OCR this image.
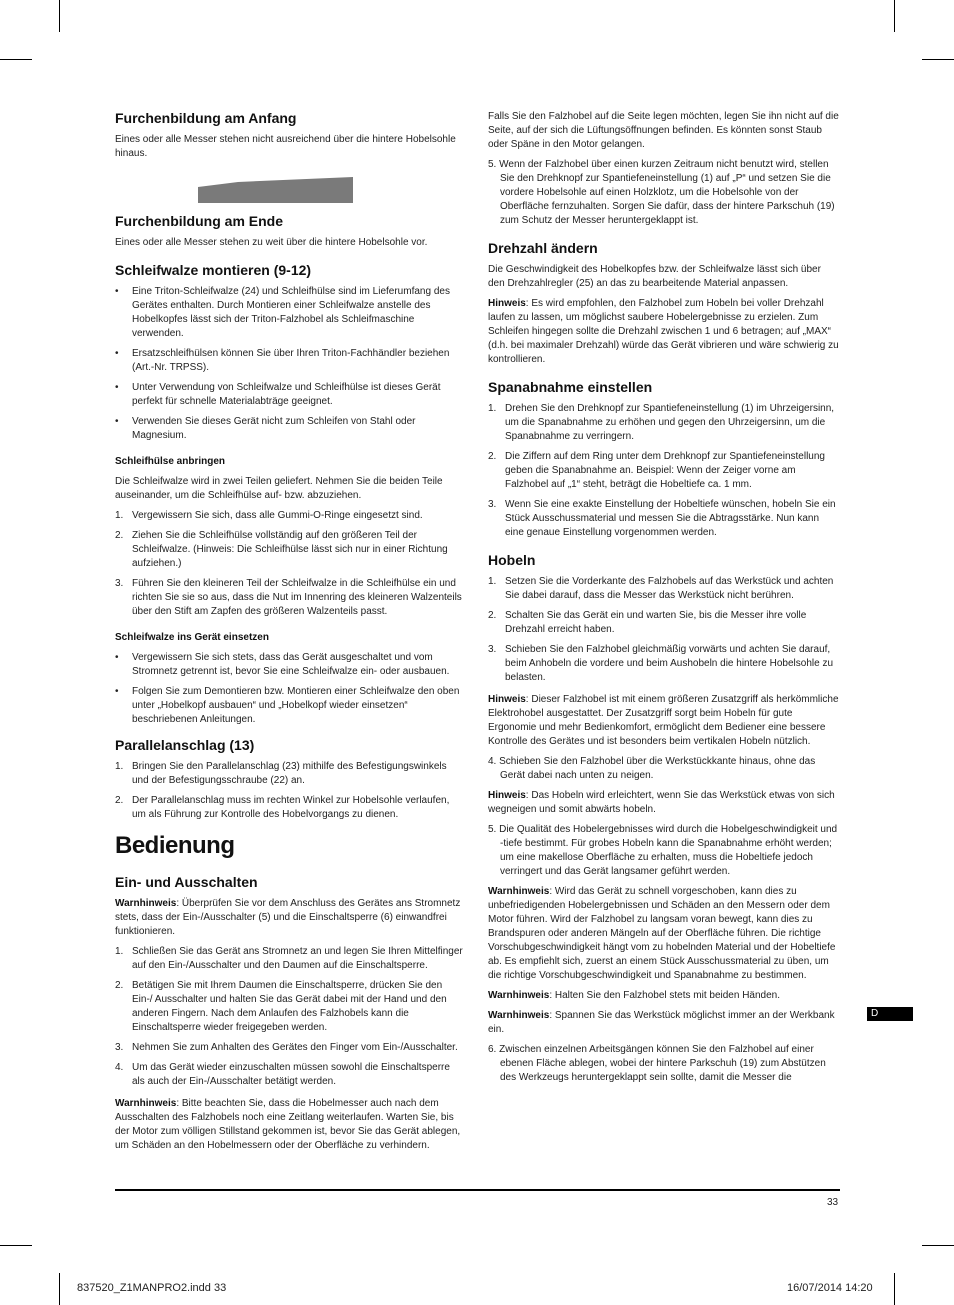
Furchenbildung am Anfang

Eines oder alle Messer stehen nicht ausreichend über die hintere Hobelsohle hinaus.

Furchenbildung am Ende

Eines oder alle Messer stehen zu weit über die hintere Hobelsohle vor.

Schleifwalze montieren (9-12)
• Eine Triton-Schleifwalze (24) und Schleifhülse sind im Lieferumfang des Gerätes enthalten. Durch Montieren einer Schleifwalze anstelle des Hobelkopfes lässt sich der Triton-Falzhobel als Schleifmaschine verwenden.
• Ersatzschleifhülsen können Sie über Ihren Triton-Fachhändler beziehen (Art.-Nr. TRPSS).
• Unter Verwendung von Schleifwalze und Schleifhülse ist dieses Gerät perfekt für schnelle Materialabträge geeignet.
• Verwenden Sie dieses Gerät nicht zum Schleifen von Stahl oder Magnesium.
Schleifhülse anbringen

Die Schleifwalze wird in zwei Teilen geliefert. Nehmen Sie die beiden Teile auseinander, um die Schleifhülse auf- bzw. abzuziehen.

1. Vergewissern Sie sich, dass alle Gummi-O-Ringe eingesetzt sind.
2. Ziehen Sie die Schleifhülse vollständig auf den größeren Teil der Schleifwalze. (Hinweis: Die Schleifhülse lässt sich nur in einer Richtung aufziehen.)
3. Führen Sie den kleineren Teil der Schleifwalze in die Schleifhülse ein und richten Sie sie so aus, dass die Nut im Innenring des kleineren Walzenteils über den Stift am Zapfen des größeren Walzenteils passt.
Schleifwalze ins Gerät einsetzen
• Vergewissern Sie sich stets, dass das Gerät ausgeschaltet und vom Stromnetz getrennt ist, bevor Sie eine Schleifwalze ein- oder ausbauen.
• Folgen Sie zum Demontieren bzw. Montieren einer Schleifwalze den oben unter „Hobelkopf ausbauen“ und „Hobelkopf wieder einsetzen“ beschriebenen Anleitungen.
Parallelanschlag (13)
1. Bringen Sie den Parallelanschlag (23) mithilfe des Befestigungswinkels und der Befestigungsschraube (22) an.
2. Der Parallelanschlag muss im rechten Winkel zur Hobelsohle verlaufen, um als Führung zur Kontrolle des Hobelvorgangs zu dienen.
Bedienung
Ein- und Ausschalten

Warnhinweis: Überprüfen Sie vor dem Anschluss des Gerätes ans Stromnetz stets, dass der Ein-/Ausschalter (5) und die Einschaltsperre (6) einwandfrei funktionieren.

1. Schließen Sie das Gerät ans Stromnetz an und legen Sie Ihren Mittelfinger auf den Ein-/Ausschalter und den Daumen auf die Einschaltsperre.
2. Betätigen Sie mit Ihrem Daumen die Einschaltsperre, drücken Sie den Ein-/ Ausschalter und halten Sie das Gerät dabei mit der Hand und den anderen Fingern. Nach dem Anlaufen des Falzhobels kann die Einschaltsperre wieder freigegeben werden.
3. Nehmen Sie zum Anhalten des Gerätes den Finger vom Ein-/Ausschalter.
4. Um das Gerät wieder einzuschalten müssen sowohl die Einschaltsperre als auch der Ein-/Ausschalter betätigt werden.

Warnhinweis: Bitte beachten Sie, dass die Hobelmesser auch nach dem Ausschalten des Falzhobels noch eine Zeitlang weiterlaufen. Warten Sie, bis der Motor zum völligen Stillstand gekommen ist, bevor Sie das Gerät ablegen, um Schäden an den Hobelmessern oder der Oberfläche zu verhindern.

Falls Sie den Falzhobel auf die Seite legen möchten, legen Sie ihn nicht auf die Seite, auf der sich die Lüftungsöffnungen befinden. Es könnten sonst Staub oder Späne in den Motor gelangen.

5. Wenn der Falzhobel über einen kurzen Zeitraum nicht benutzt wird, stellen Sie den Drehknopf zur Spantiefeneinstellung (1) auf „P“ und setzen Sie die vordere Hobelsohle auf einen Holzklotz, um die Hobelsohle von der Oberfläche fernzuhalten. Sorgen Sie dafür, dass der hintere Parkschuh (19) zum Schutz der Messer heruntergeklappt ist.

Drehzahl ändern

Die Geschwindigkeit des Hobelkopfes bzw. der Schleifwalze lässt sich über den Drehzahlregler (25) an das zu bearbeitende Material anpassen.

Hinweis: Es wird empfohlen, den Falzhobel zum Hobeln bei voller Drehzahl laufen zu lassen, um möglichst saubere Hobelergebnisse zu erzielen. Zum Schleifen hingegen sollte die Drehzahl zwischen 1 und 6 betragen; auf „MAX“ (d.h. bei maximaler Drehzahl) würde das Gerät vibrieren und wäre schwierig zu kontrollieren.

Spanabnahme einstellen
1. Drehen Sie den Drehknopf zur Spantiefeneinstellung (1) im Uhrzeigersinn, um die Spanabnahme zu erhöhen und gegen den Uhrzeigersinn, um die Spanabnahme zu verringern.
2. Die Ziffern auf dem Ring unter dem Drehknopf zur Spantiefeneinstellung geben die Spanabnahme an. Beispiel: Wenn der Zeiger vorne am Falzhobel auf „1“ steht, beträgt die Hobeltiefe ca. 1 mm.
3. Wenn Sie eine exakte Einstellung der Hobeltiefe wünschen, hobeln Sie ein Stück Ausschussmaterial und messen Sie die Abtragsstärke. Nun kann eine genaue Einstellung vorgenommen werden.
Hobeln
1. Setzen Sie die Vorderkante des Falzhobels auf das Werkstück und achten Sie dabei darauf, dass die Messer das Werkstück nicht berühren.
2. Schalten Sie das Gerät ein und warten Sie, bis die Messer ihre volle Drehzahl erreicht haben.
3. Schieben Sie den Falzhobel gleichmäßig vorwärts und achten Sie darauf, beim Anhobeln die vordere und beim Aushobeln die hintere Hobelsohle zu belasten.

Hinweis: Dieser Falzhobel ist mit einem größeren Zusatzgriff als herkömmliche Elektrohobel ausgestattet. Der Zusatzgriff sorgt beim Hobeln für gute Ergonomie und mehr Bedienkomfort, ermöglicht dem Bediener eine bessere Kontrolle des Gerätes und ist besonders beim vertikalen Hobeln nützlich.

4. Schieben Sie den Falzhobel über die Werkstückkante hinaus, ohne das Gerät dabei nach unten zu neigen.

Hinweis: Das Hobeln wird erleichtert, wenn Sie das Werkstück etwas von sich wegneigen und somit abwärts hobeln.

5. Die Qualität des Hobelergebnisses wird durch die Hobelgeschwindigkeit und -tiefe bestimmt. Für grobes Hobeln kann die Spanabnahme erhöht werden; um eine makellose Oberfläche zu erhalten, muss die Hobeltiefe jedoch verringert und das Gerät langsamer geführt werden.

Warnhinweis: Wird das Gerät zu schnell vorgeschoben, kann dies zu unbefriedigenden Hobelergebnissen und Schäden an den Messern oder dem Motor führen. Wird der Falzhobel zu langsam voran bewegt, kann dies zu Brandspuren oder anderen Mängeln auf der Oberfläche führen. Die richtige Vorschubgeschwindigkeit hängt vom zu hobelnden Material und der Hobeltiefe ab. Es empfiehlt sich, zuerst an einem Stück Ausschussmaterial zu üben, um die richtige Vorschubgeschwindigkeit und Spanabnahme zu bestimmen.

Warnhinweis: Halten Sie den Falzhobel stets mit beiden Händen.

Warnhinweis: Spannen Sie das Werkstück möglichst immer an der Werkbank ein.

6. Zwischen einzelnen Arbeitsgängen können Sie den Falzhobel auf einer ebenen Fläche ablegen, wobei der hintere Parkschuh (19) zum Abstützen des Werkzeugs heruntergeklappt sein sollte, damit die Messer die

D
33
837520_Z1MANPRO2.indd 33	16/07/2014 14:20
